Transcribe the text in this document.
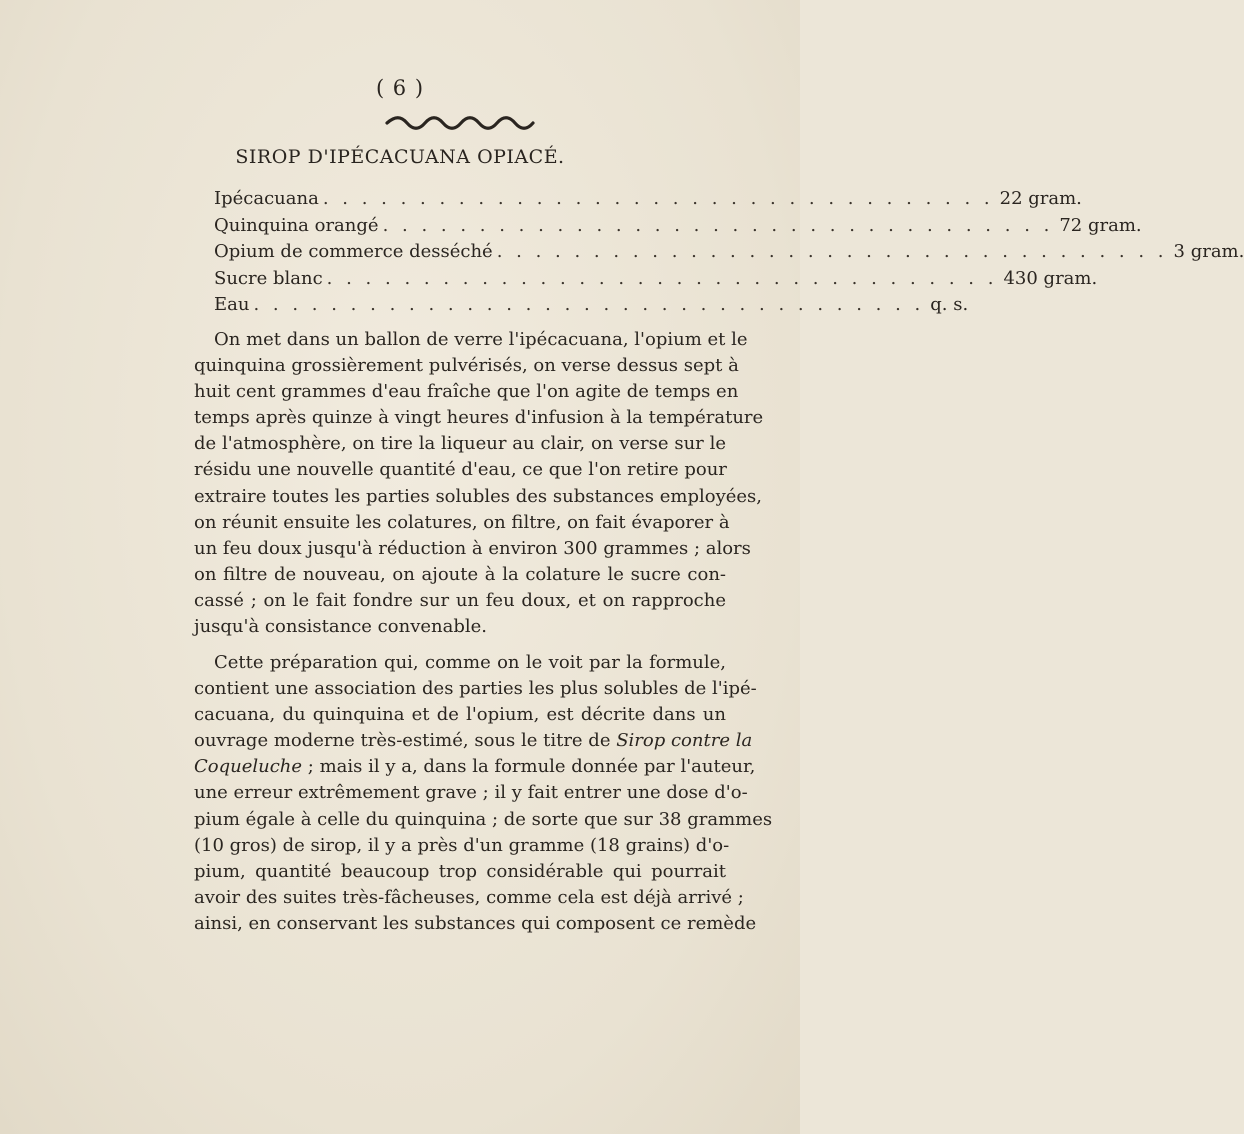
( 6 )
SIROP D'IPÉCACUANA OPIACÉ.
Ipécacuana . . . . . . . . . . . . . . . . . . . . . . . . . . . . . . . . . . . 22 gram.
Quinquina orangé . . . . . . . . . . . . . . . . . . . . . . . . . . . . . . . . . . . 72 gram.
Opium de commerce desséché . . . . . . . . . . . . . . . . . . . . . . . . . . . . . . . . . . . 3 gram.
Sucre blanc . . . . . . . . . . . . . . . . . . . . . . . . . . . . . . . . . . . 430 gram.
Eau . . . . . . . . . . . . . . . . . . . . . . . . . . . . . . . . . . . q. s.
On met dans un ballon de verre l'ipécacuana, l'opium et le
quinquina grossièrement pulvérisés, on verse dessus sept à
huit cent grammes d'eau fraîche que l'on agite de temps en
temps après quinze à vingt heures d'infusion à la température
de l'atmosphère, on tire la liqueur au clair, on verse sur le
résidu une nouvelle quantité d'eau, ce que l'on retire pour
extraire toutes les parties solubles des substances employées,
on réunit ensuite les colatures, on filtre, on fait évaporer à
un feu doux jusqu'à réduction à environ 300 grammes ; alors
on filtre de nouveau, on ajoute à la colature le sucre con-
cassé ; on le fait fondre sur un feu doux, et on rapproche
jusqu'à consistance convenable.
Cette préparation qui, comme on le voit par la formule,
contient une association des parties les plus solubles de l'ipé-
cacuana, du quinquina et de l'opium, est décrite dans un
ouvrage moderne très-estimé, sous le titre de Sirop contre la
Coqueluche ; mais il y a, dans la formule donnée par l'auteur,
une erreur extrêmement grave ; il y fait entrer une dose d'o-
pium égale à celle du quinquina ; de sorte que sur 38 grammes
(10 gros) de sirop, il y a près d'un gramme (18 grains) d'o-
pium, quantité beaucoup trop considérable qui pourrait
avoir des suites très-fâcheuses, comme cela est déjà arrivé ;
ainsi, en conservant les substances qui composent ce remède
